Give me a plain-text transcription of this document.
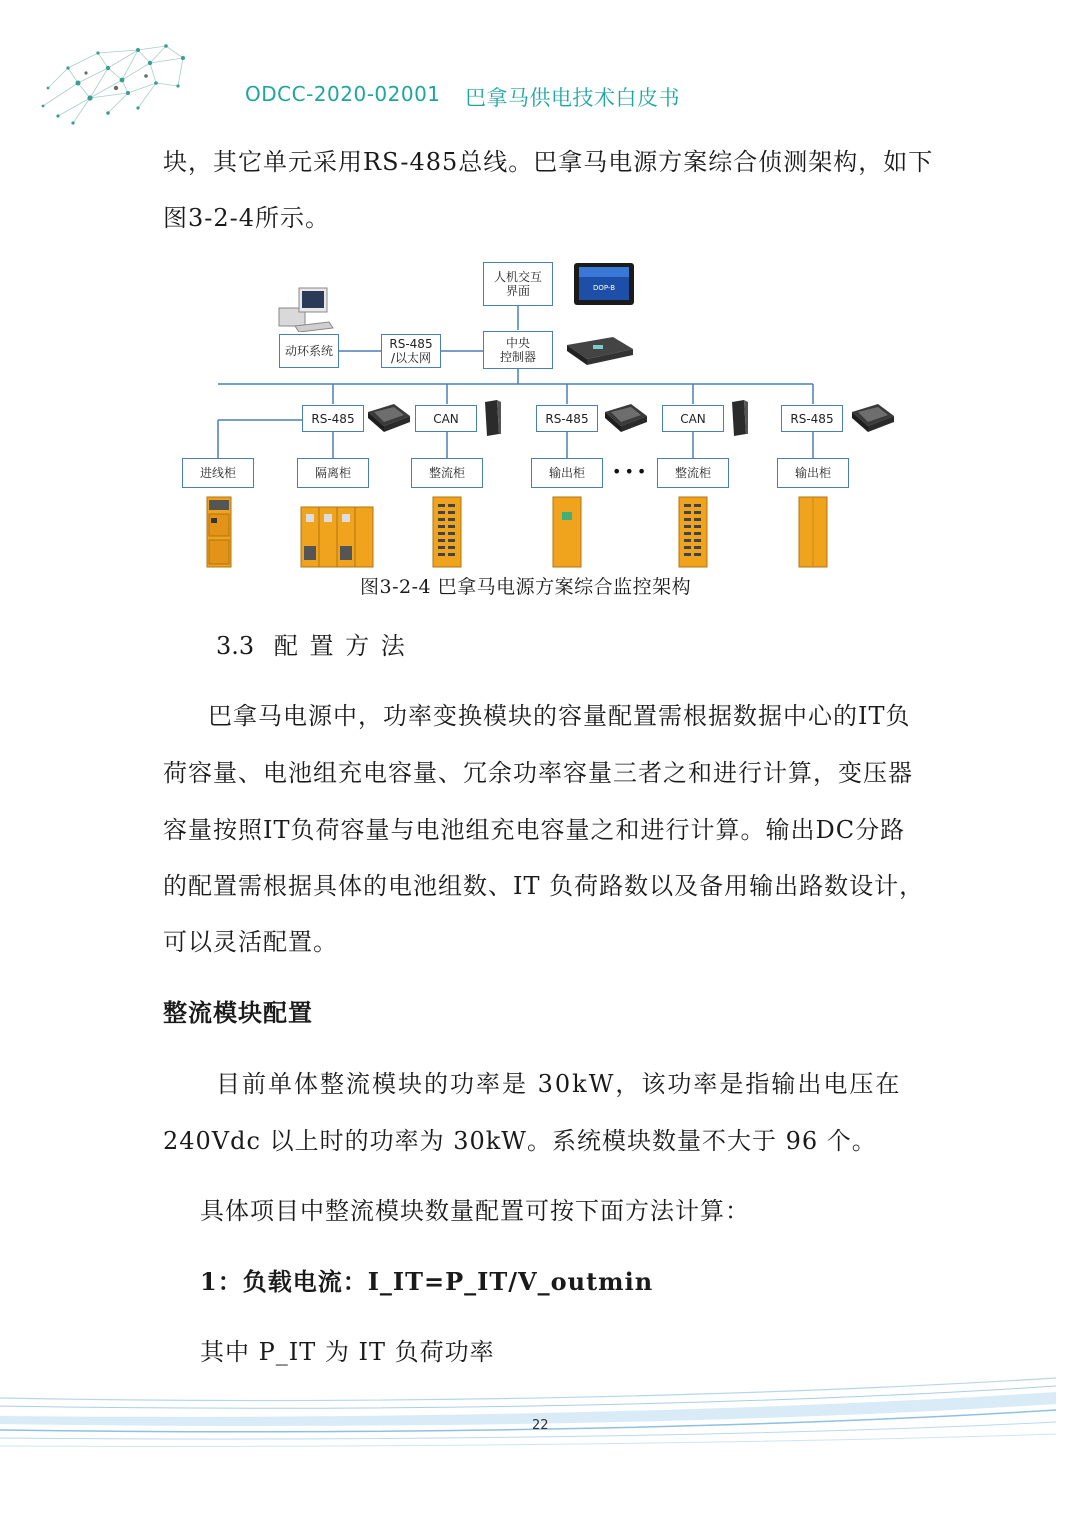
ODCC-2020-02001 巴拿马供电技术白皮书
块，其它单元采用RS-485总线。巴拿马电源方案综合侦测架构，如下
图3-2-4所示。
DOP-B
人机交互
界面
动环系统	RS-485
/以太网
中央
控制器
RS-485	CAN	RS-485	CAN	RS-485
进线柜	隔离柜	整流柜	输出柜	•••	整流柜	输出柜
图3-2-4 巴拿马电源方案综合监控架构
3.3 配 置 方 法
巴拿马电源中，功率变换模块的容量配置需根据数据中心的IT负
荷容量、电池组充电容量、冗余功率容量三者之和进行计算，变压器
容量按照IT负荷容量与电池组充电容量之和进行计算。输出DC分路
的配置需根据具体的电池组数、IT 负荷路数以及备用输出路数设计，
可以灵活配置。
整流模块配置
目前单体整流模块的功率是 30kW，该功率是指输出电压在
240Vdc 以上时的功率为 30kW。系统模块数量不大于 96 个。
具体项目中整流模块数量配置可按下面方法计算：
1：负载电流：I_IT=P_IT/V_outmin
其中 P_IT 为 IT 负荷功率
22
